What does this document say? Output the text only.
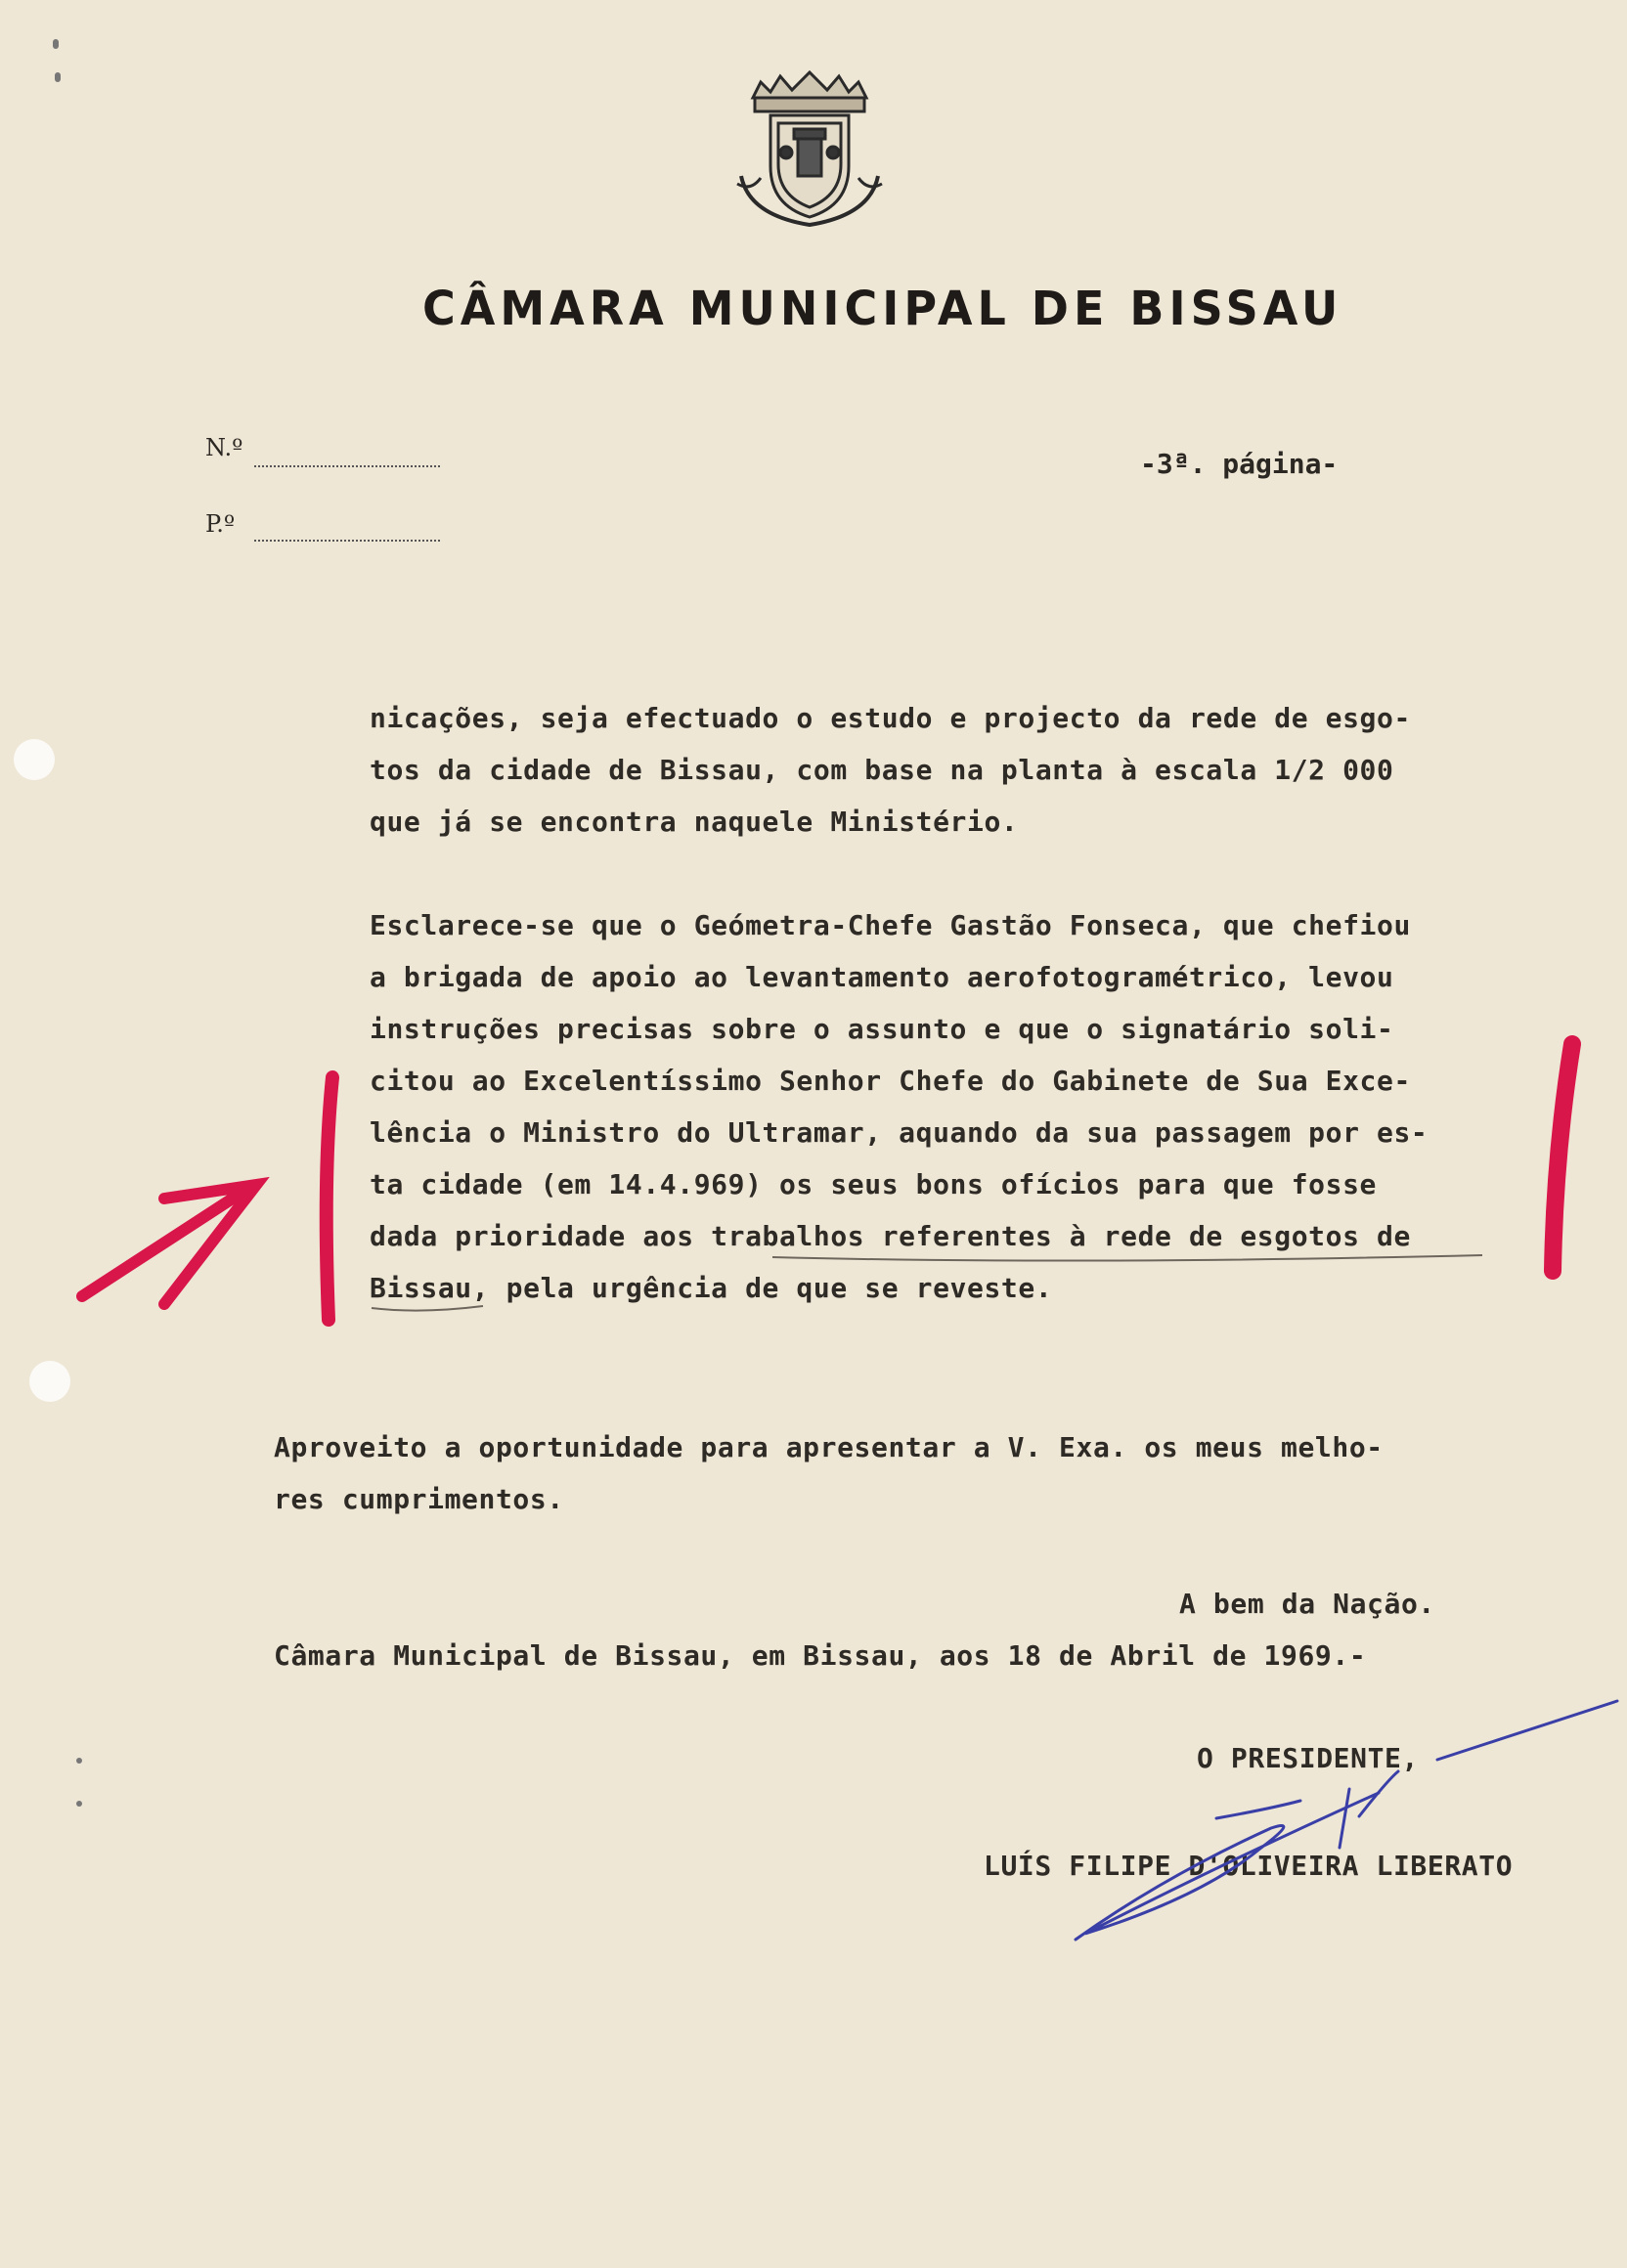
CÂMARA MUNICIPAL DE BISSAU
N.º
P.º
-3ª. página-
nicações, seja efectuado o estudo e projecto da rede de esgo-
tos da cidade de Bissau, com base na planta à escala 1/2 000
que já se encontra naquele Ministério.
Esclarece-se que o Geómetra-Chefe Gastão Fonseca, que chefiou
a brigada de apoio ao levantamento aerofotogramétrico, levou
instruções precisas sobre o assunto e que o signatário soli-
citou ao Excelentíssimo Senhor Chefe do Gabinete de Sua Exce-
lência o Ministro do Ultramar, aquando da sua passagem por es-
ta cidade (em 14.4.969) os seus bons ofícios para que fosse
dada prioridade aos trabalhos referentes à rede de esgotos de
Bissau, pela urgência de que se reveste.
Aproveito a oportunidade para apresentar a V. Exa. os meus melho-
res cumprimentos.
A bem da Nação.
Câmara Municipal de Bissau, em Bissau, aos 18 de Abril de 1969.-
O PRESIDENTE,
LUÍS FILIPE D'OLIVEIRA LIBERATO
